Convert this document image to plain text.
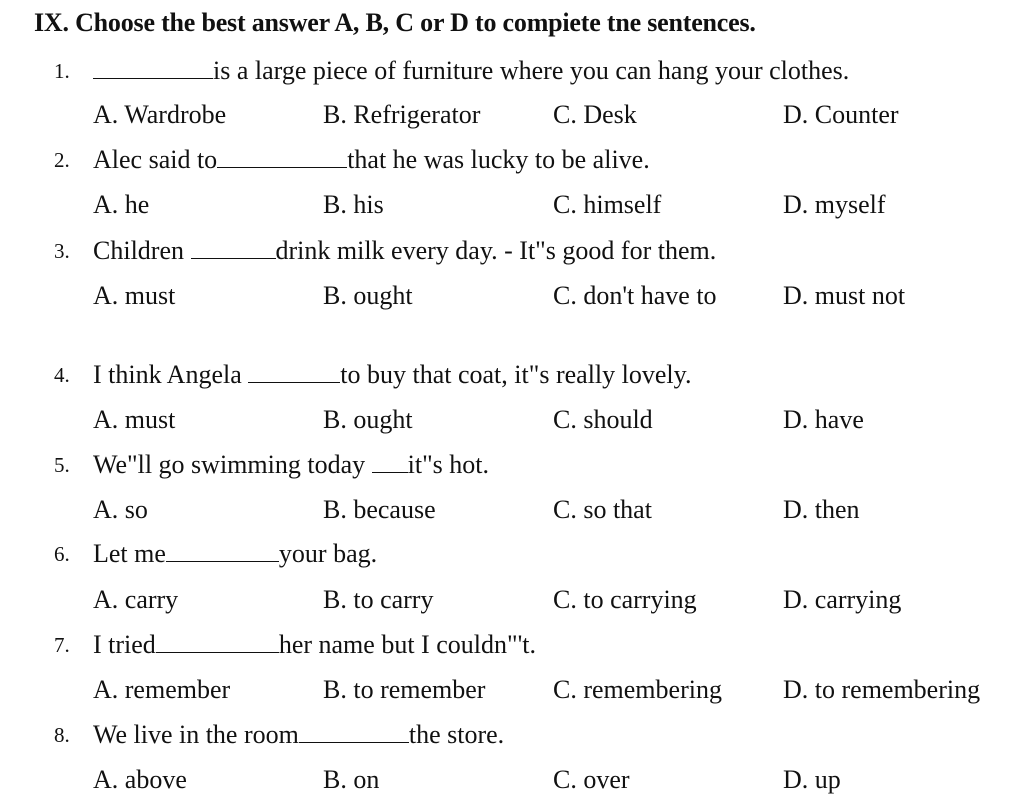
IX. Choose the best answer A, B, C or D to compiete tne sentences.
1.	is a large piece of furniture where you can hang your clothes.
A. Wardrobe	B. Refrigerator	C. Desk	D. Counter
2. Alec said to	that he was lucky to be alive.
A. he	B. his	C. himself	D. myself
3. Children	drink milk every day. - It"s good for them.
A. must	B. ought	C. don't have to	D. must not
4. I think Angela	to buy that coat, it"s really lovely.
A. must	B. ought	C. should	D. have
5. We"ll go swimming today it"s hot.
A. so	B. because	C. so that	D. then
6. Let me	your bag.
A. carry	B. to carry	C. to carrying	D. carrying
7. I tried	her name but I couldn"'t.
A. remember	B. to remember	C. remembering D. to remembering
8. We live in the room	the store.
A. above	B. on	C. over	D. up
